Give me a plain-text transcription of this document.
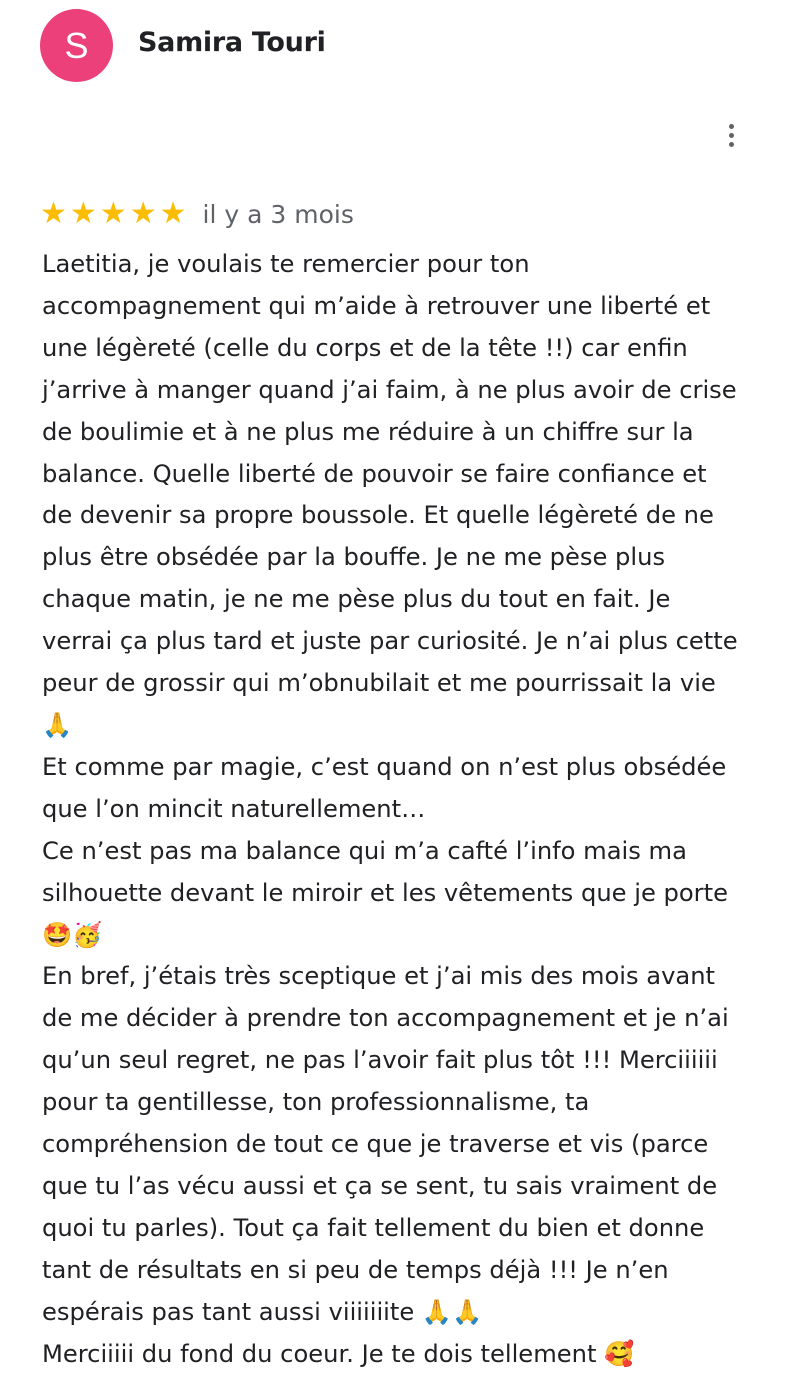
S	Samira Touri
★ ★ ★ ★ ★ il y a 3 mois
Laetitia, je voulais te remercier pour ton
accompagnement qui m’aide à retrouver une liberté et
une légèreté (celle du corps et de la tête !!) car enfin
j’arrive à manger quand j’ai faim, à ne plus avoir de crise
de boulimie et à ne plus me réduire à un chiffre sur la
balance. Quelle liberté de pouvoir se faire confiance et
de devenir sa propre boussole. Et quelle légèreté de ne
plus être obsédée par la bouffe. Je ne me pèse plus
chaque matin, je ne me pèse plus du tout en fait. Je
verrai ça plus tard et juste par curiosité. Je n’ai plus cette
peur de grossir qui m’obnubilait et me pourrissait la vie
🙏
Et comme par magie, c’est quand on n’est plus obsédée
que l’on mincit naturellement…
Ce n’est pas ma balance qui m’a cafté l’info mais ma
silhouette devant le miroir et les vêtements que je porte
🤩🥳
En bref, j’étais très sceptique et j’ai mis des mois avant
de me décider à prendre ton accompagnement et je n’ai
qu’un seul regret, ne pas l’avoir fait plus tôt !!! Merciiiiii
pour ta gentillesse, ton professionnalisme, ta
compréhension de tout ce que je traverse et vis (parce
que tu l’as vécu aussi et ça se sent, tu sais vraiment de
quoi tu parles). Tout ça fait tellement du bien et donne
tant de résultats en si peu de temps déjà !!! Je n’en
espérais pas tant aussi viiiiiiite 🙏🙏
Merciiiii du fond du coeur. Je te dois tellement 🥰
